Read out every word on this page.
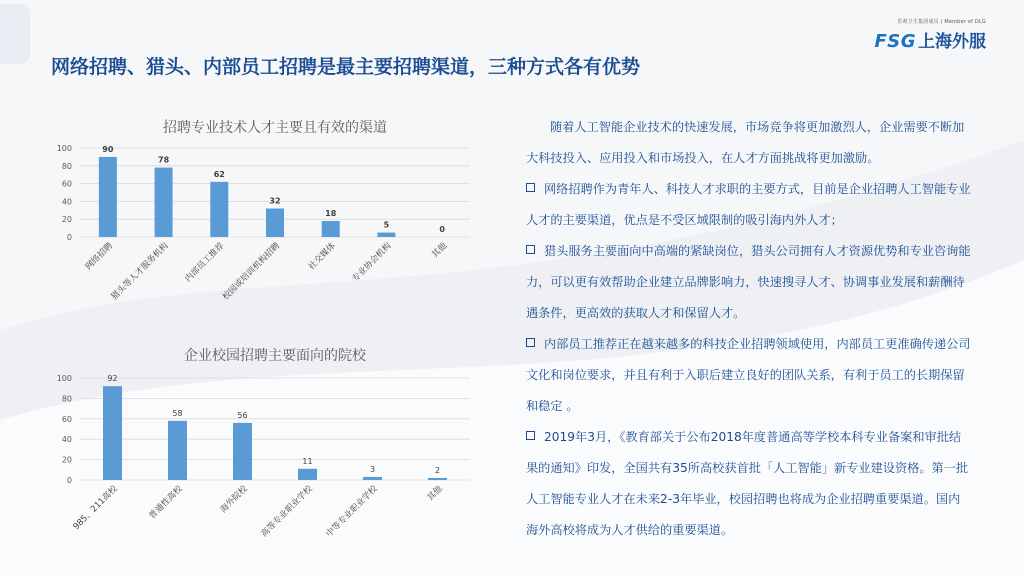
乐观卫生集团成员 | Member of DLG
FSG 上海外服
网络招聘、猎头、内部员工招聘是最主要招聘渠道，三种方式各有优势
招聘专业技术人才主要且有效的渠道
0
20
40
60
80
100	90
网络招聘
78
猎头等人才服务机构
62
内部员工推荐
32
校园或培训机构招聘
18
社交媒体
5
专业协会机构
0
其他
企业校园招聘主要面向的院校
0
20
40
60
80
100	92
985、211高校
58
普通性高校
56
海外院校
11
高等专业职业学校
3
中等专业职业学校
2
其他

随着人工智能企业技术的快速发展，市场竞争将更加激烈人，企业需要不断加大科技投入、应用投入和市场投入，在人才方面挑战将更加激励。

网络招聘作为青年人、科技人才求职的主要方式，目前是企业招聘人工智能专业人才的主要渠道，优点是不受区域限制的吸引海内外人才；
猎头服务主要面向中高端的紧缺岗位，猎头公司拥有人才资源优势和专业咨询能力，可以更有效帮助企业建立品牌影响力，快速搜寻人才、协调事业发展和薪酬待遇条件，更高效的获取人才和保留人才。
内部员工推荐正在越来越多的科技企业招聘领域使用，内部员工更准确传递公司文化和岗位要求，并且有利于入职后建立良好的团队关系，有利于员工的长期保留和稳定 。
2019年3月，《教育部关于公布2018年度普通高等学校本科专业备案和审批结果的通知》印发，全国共有35所高校获首批「人工智能」新专业建设资格。第一批人工智能专业人才在未来2-3年毕业，校园招聘也将成为企业招聘重要渠道。国内海外高校将成为人才供给的重要渠道。
